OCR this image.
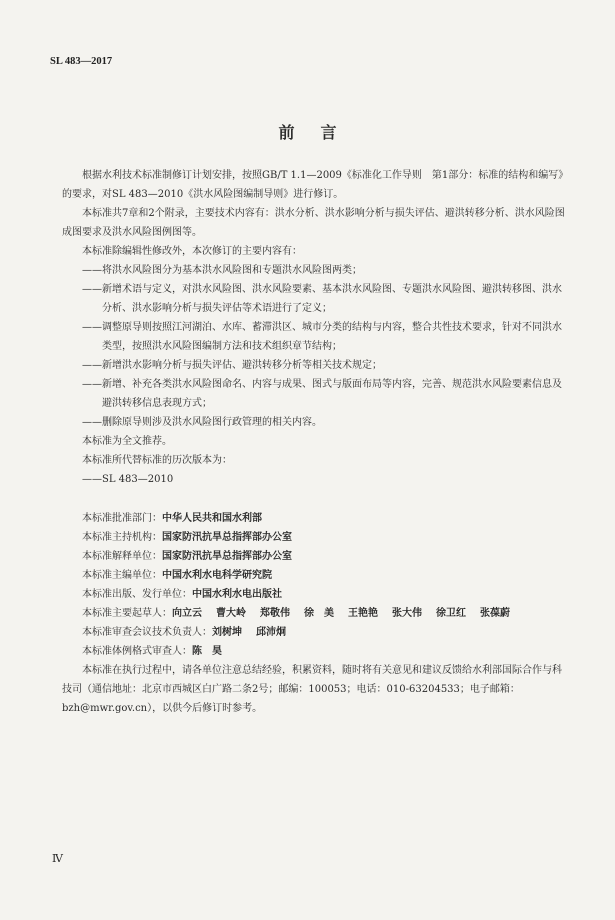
SL 483—2017
前言

根据水利技术标准制修订计划安排，按照GB/T 1.1—2009《标准化工作导则　第1部分：标准的结构和编写》的要求，对SL 483—2010《洪水风险图编制导则》进行修订。

本标准共7章和2个附录，主要技术内容有：洪水分析、洪水影响分析与损失评估、避洪转移分析、洪水风险图成图要求及洪水风险图例图等。

本标准除编辑性修改外，本次修订的主要内容有：

——将洪水风险图分为基本洪水风险图和专题洪水风险图两类；

——新增术语与定义，对洪水风险图、洪水风险要素、基本洪水风险图、专题洪水风险图、避洪转移图、洪水分析、洪水影响分析与损失评估等术语进行了定义；

——调整原导则按照江河湖泊、水库、蓄滞洪区、城市分类的结构与内容，整合共性技术要求，针对不同洪水类型，按照洪水风险图编制方法和技术组织章节结构；

——新增洪水影响分析与损失评估、避洪转移分析等相关技术规定；

——新增、补充各类洪水风险图命名、内容与成果、图式与版面布局等内容，完善、规范洪水风险要素信息及避洪转移信息表现方式；

——删除原导则涉及洪水风险图行政管理的相关内容。

本标准为全文推荐。

本标准所代替标准的历次版本为：

——SL 483—2010

本标准批准部门：中华人民共和国水利部

本标准主持机构：国家防汛抗旱总指挥部办公室

本标准解释单位：国家防汛抗旱总指挥部办公室

本标准主编单位：中国水利水电科学研究院

本标准出版、发行单位：中国水利水电出版社

本标准主要起草人：向立云 曹大岭 郑敬伟 徐　美 王艳艳 张大伟 徐卫红 张葆蔚

本标准审查会议技术负责人：刘树坤 邱沛炯

本标准体例格式审查人：陈　昊

本标准在执行过程中，请各单位注意总结经验，积累资料，随时将有关意见和建议反馈给水利部国际合作与科技司（通信地址：北京市西城区白广路二条2号；邮编：100053；电话：010-63204533；电子邮箱：bzh@mwr.gov.cn），以供今后修订时参考。

Ⅳ
